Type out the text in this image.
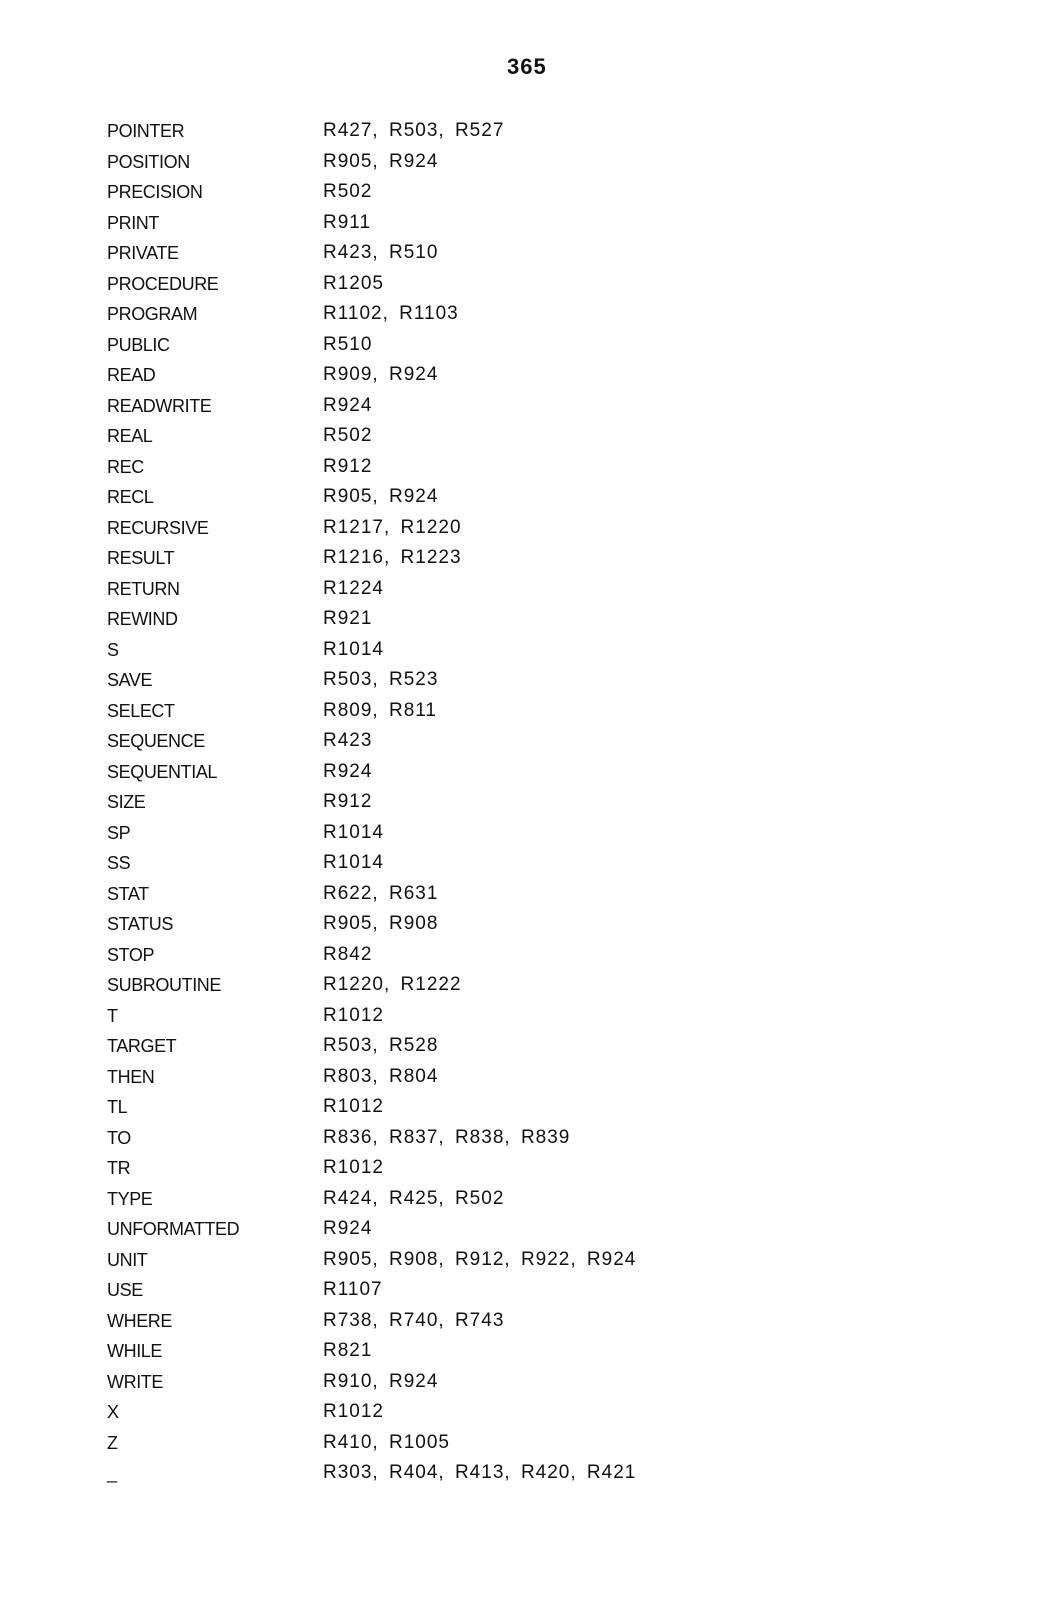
365
POINTER	R427, R503, R527
POSITION	R905, R924
PRECISION	R502
PRINT	R911
PRIVATE	R423, R510
PROCEDURE	R1205
PROGRAM	R1102, R1103
PUBLIC	R510
READ	R909, R924
READWRITE	R924
REAL	R502
REC	R912
RECL	R905, R924
RECURSIVE	R1217, R1220
RESULT	R1216, R1223
RETURN	R1224
REWIND	R921
S	R1014
SAVE	R503, R523
SELECT	R809, R811
SEQUENCE	R423
SEQUENTIAL	R924
SIZE	R912
SP	R1014
SS	R1014
STAT	R622, R631
STATUS	R905, R908
STOP	R842
SUBROUTINE	R1220, R1222
T	R1012
TARGET	R503, R528
THEN	R803, R804
TL	R1012
TO	R836, R837, R838, R839
TR	R1012
TYPE	R424, R425, R502
UNFORMATTED	R924
UNIT	R905, R908, R912, R922, R924
USE	R1107
WHERE	R738, R740, R743
WHILE	R821
WRITE	R910, R924
X	R1012
Z	R410, R1005
_	R303, R404, R413, R420, R421
